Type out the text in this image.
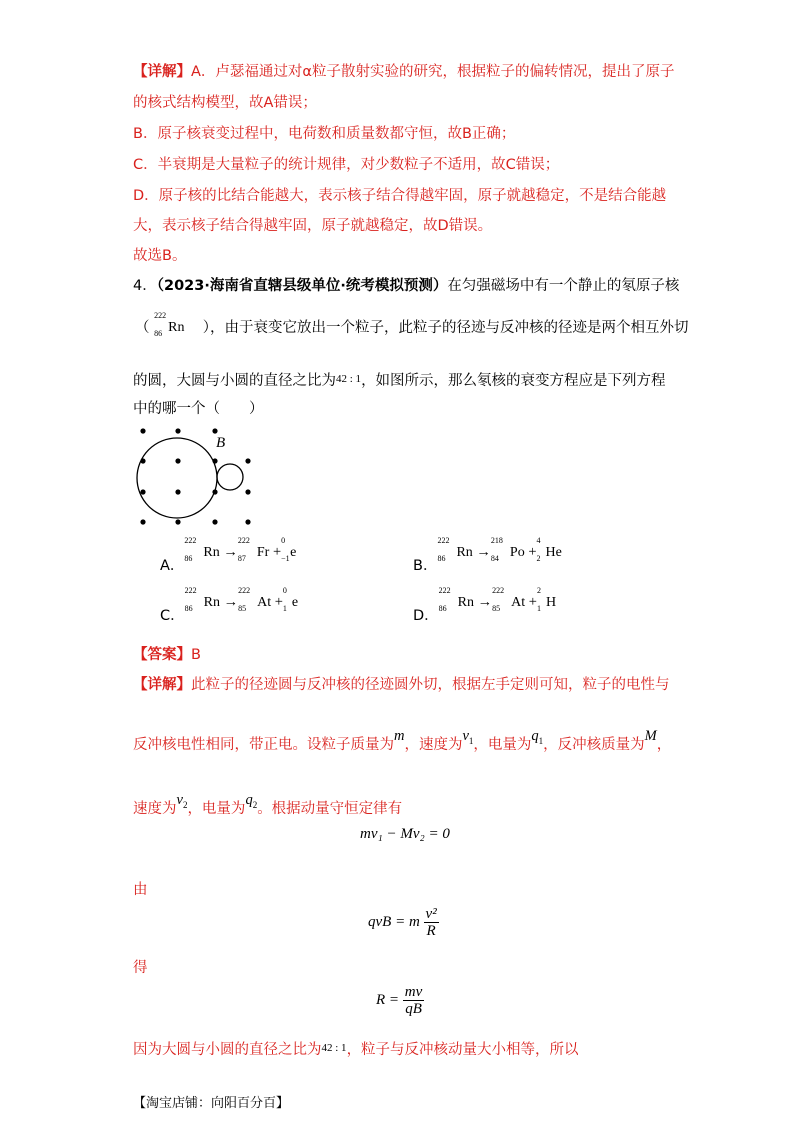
【详解】A．卢瑟福通过对α粒子散射实验的研究，根据粒子的偏转情况，提出了原子
的核式结构模型，故A错误；
B．原子核衰变过程中，电荷数和质量数都守恒，故B正确；
C．半衰期是大量粒子的统计规律，对少数粒子不适用，故C错误；
D．原子核的比结合能越大，表示核子结合得越牢固，原子就越稳定，不是结合能越
大，表示核子结合得越牢固，原子就越稳定，故D错误。
故选B。
4．（2023·海南省直辖县级单位·统考模拟预测）在匀强磁场中有一个静止的氡原子核
（
222
86 Rn ），由于衰变它放出一个粒子，此粒子的径迹与反冲核的径迹是两个相互外切
的圆，大圆与小圆的直径之比为$^{42 : 1}$，如图所示，那么氡核的衰变方程应是下列方程
中的哪一个（　　）
B
A．
222
86 Rn →
222
87 Fr +
0
−1 e
B．
222
86 Rn →
218
84 Po +
4
2 He
C．
222
86 Rn →
222
85 At +
0
1 e
D．
222
86 Rn →
222
85 At +
2
1 H
【答案】B
【详解】此粒子的径迹圆与反冲核的径迹圆外切，根据左手定则可知，粒子的电性与
反冲核电性相同，带正电。设粒子质量为m，速度为$v_1$，电量为$q_1$，反冲核质量为M，
速度为$v_2$，电量为$q_2$。根据动量守恒定律有
mv₁ − Mv₂ = 0
由
qvB = m $\frac{\text{v²}}{R}$
得
$R = \frac{mv}{qB}$
因为大圆与小圆的直径之比为$^{42 : 1}$，粒子与反冲核动量大小相等，所以
【淘宝店铺：向阳百分百】
